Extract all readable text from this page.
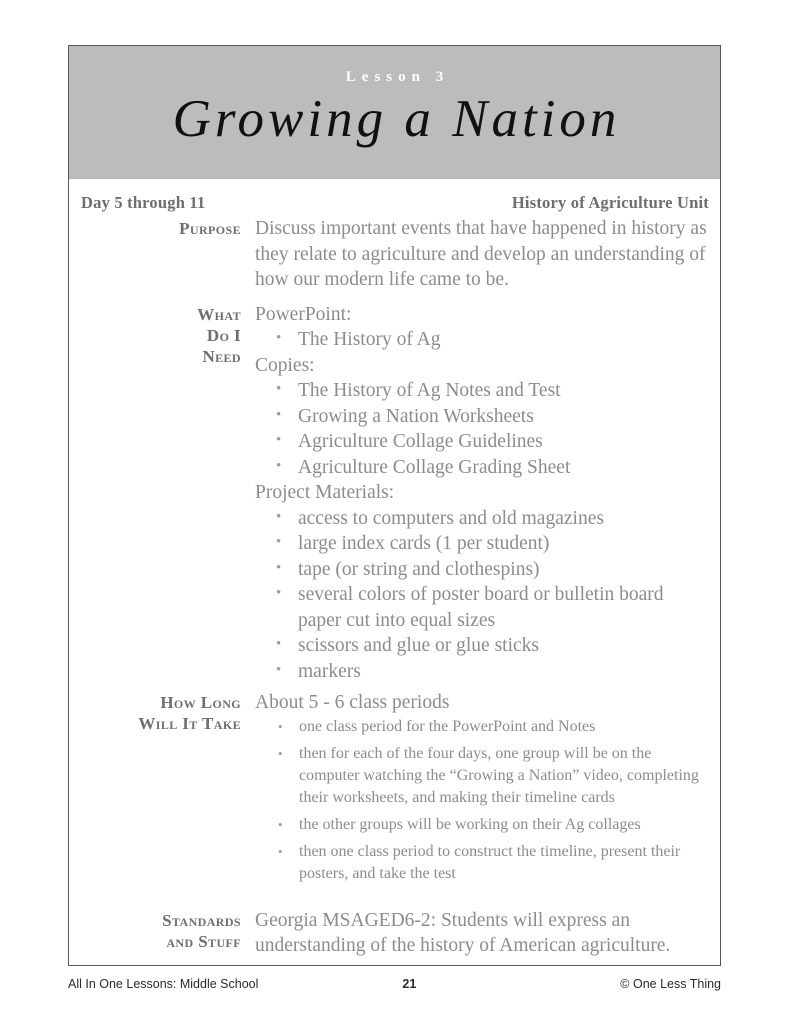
Lesson 3
Growing a Nation
Day 5 through 11	History of Agriculture Unit
Purpose Discuss important events that have happened in history as they relate to agriculture and develop an understanding of how our modern life came to be.

What
Do I
Need

PowerPoint:

• The History of Ag

Copies:

• The History of Ag Notes and Test
• Growing a Nation Worksheets
• Agriculture Collage Guidelines
• Agriculture Collage Grading Sheet

Project Materials:

• access to computers and old magazines
• large index cards (1 per student)
• tape (or string and clothespins)
• several colors of poster board or bulletin board paper cut into equal sizes
• scissors and glue or glue sticks
• markers
How Long
Will It Take

About 5 - 6 class periods

• one class period for the PowerPoint and Notes
• then for each of the four days, one group will be on the computer watching the “Growing a Nation” video, completing their worksheets, and making their timeline cards
• the other groups will be working on their Ag collages
• then one class period to construct the timeline, present their posters, and take the test
Standards
and Stuff

Georgia MSAGED6-2: Students will express an understanding of the history of American agriculture.

All In One Lessons: Middle School	21	© One Less Thing
